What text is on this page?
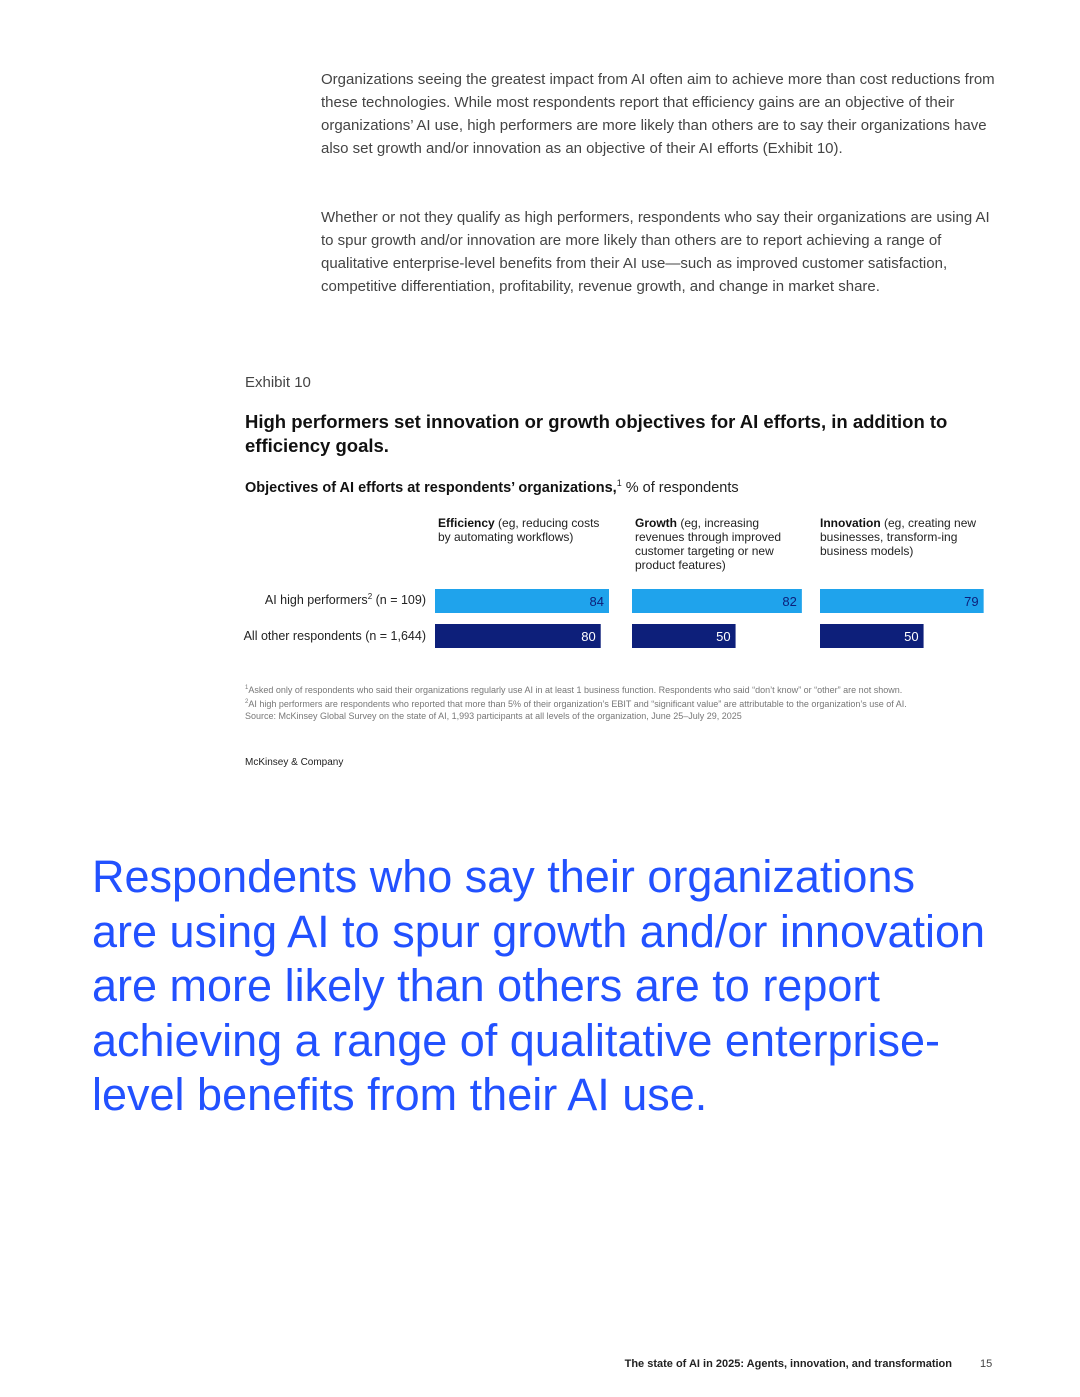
Organizations seeing the greatest impact from AI often aim to achieve more than cost reductions from these technologies. While most respondents report that efficiency gains are an objective of their organizations’ AI use, high performers are more likely than others are to say their organizations have also set growth and/or innovation as an objective of their AI efforts (Exhibit 10).

Whether or not they qualify as high performers, respondents who say their organizations are using AI to spur growth and/or innovation are more likely than others are to report achieving a range of qualitative enterprise-level benefits from their AI use—such as improved customer satisfaction, competitive differentiation, profitability, revenue growth, and change in market share.

Exhibit 10
High performers set innovation or growth objectives for AI efforts, in addition to efficiency goals.
Objectives of AI efforts at respondents’ organizations,$^1$ % of respondents
Efficiency (eg, reducing costs by automating workflows)
Growth (eg, increasing revenues through improved customer targeting or new product features)
Innovation (eg, creating new businesses, transform-ing business models)
AI high performers$^2$ (n = 109)
All other respondents (n = 1,644)
84	82	79
80	50	50
$^1$Asked only of respondents who said their organizations regularly use AI in at least 1 business function. Respondents who said “don’t know” or “other” are not shown.
$^2$AI high performers are respondents who reported that more than 5% of their organization’s EBIT and “significant value” are attributable to the organization’s use of AI.
Source: McKinsey Global Survey on the state of AI, 1,993 participants at all levels of the organization, June 25–July 29, 2025
McKinsey & Company

Respondents who say their organizations are using AI to spur growth and/or innovation are more likely than others are to report achieving a range of qualitative enterprise-level benefits from their AI use.

The state of AI in 2025: Agents, innovation, and transformation	15
